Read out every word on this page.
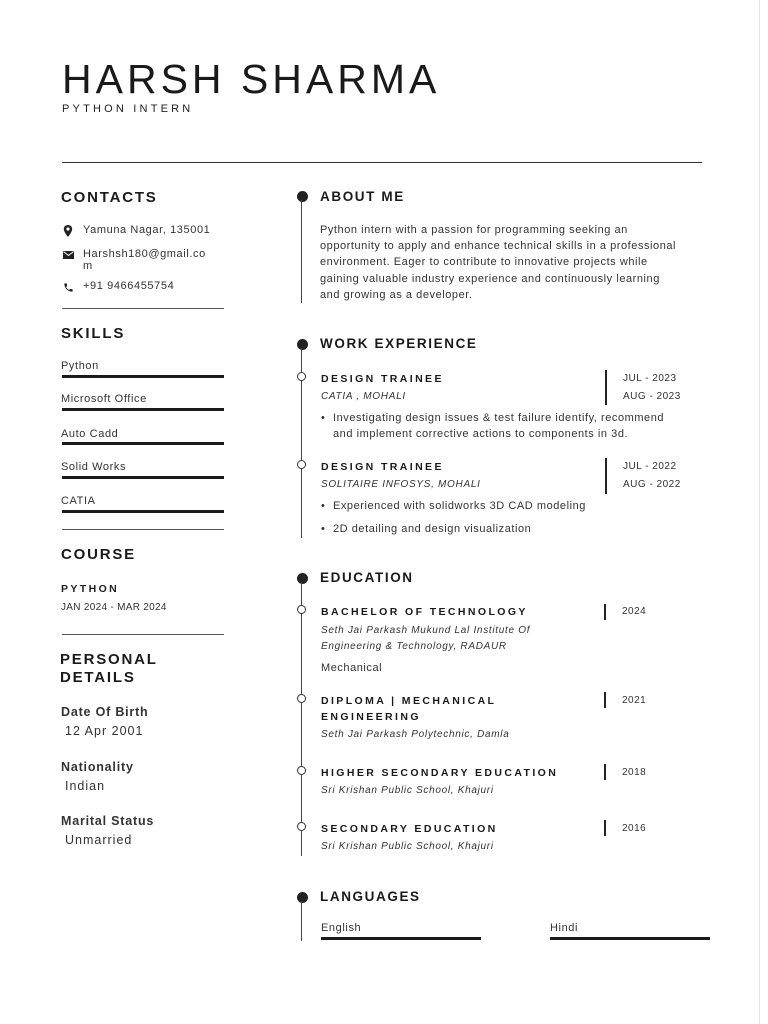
HARSH SHARMA
PYTHON INTERN
CONTACTS
Yamuna Nagar, 135001
Harshsh180@gmail.co
m
+91 9466455754
SKILLS
Python
Microsoft Office
Auto Cadd
Solid Works
CATIA
COURSE
PYTHON
JAN 2024 - MAR 2024
PERSONAL
DETAILS
Date Of Birth
12 Apr 2001
Nationality
Indian
Marital Status
Unmarried
ABOUT ME
Python intern with a passion for programming seeking an
opportunity to apply and enhance technical skills in a professional
environment. Eager to contribute to innovative projects while
gaining valuable industry experience and continuously learning
and growing as a developer.
WORK EXPERIENCE
DESIGN TRAINEE
CATIA , MOHALI
JUL - 2023
AUG - 2023
• Investigating design issues & test failure identify, recommend
and implement corrective actions to components in 3d.
DESIGN TRAINEE
SOLITAIRE INFOSYS, MOHALI
JUL - 2022
AUG - 2022
• Experienced with solidworks 3D CAD modeling
• 2D detailing and design visualization
EDUCATION
BACHELOR OF TECHNOLOGY	2024
Seth Jai Parkash Mukund Lal Institute Of
Engineering & Technology, RADAUR
Mechanical
DIPLOMA | MECHANICAL
ENGINEERING
2021
Seth Jai Parkash Polytechnic, Damla
HIGHER SECONDARY EDUCATION	2018
Sri Krishan Public School, Khajuri
SECONDARY EDUCATION	2016
Sri Krishan Public School, Khajuri
LANGUAGES
English	Hindi
